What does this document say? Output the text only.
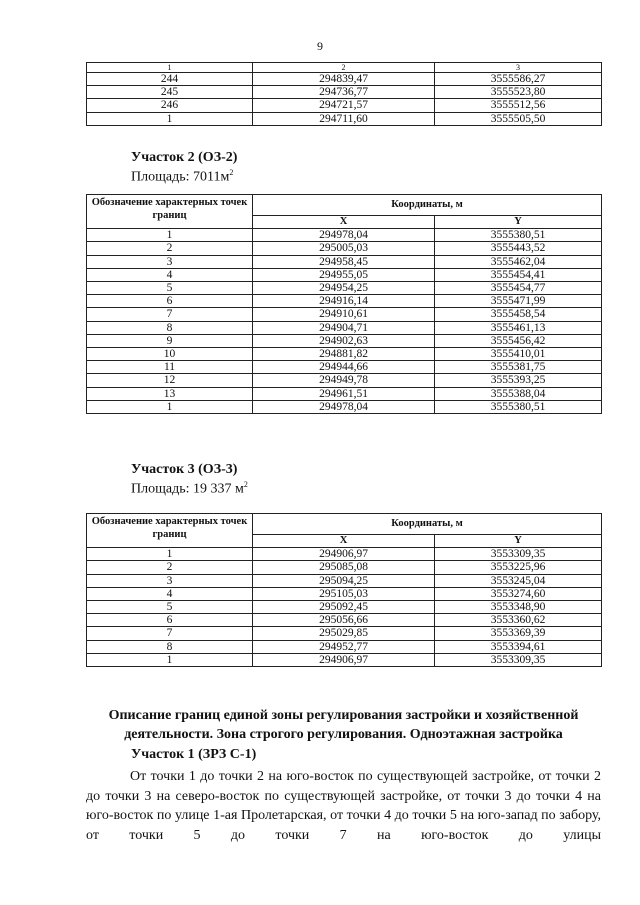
9
1	2	3
244	294839,47	3555586,27
245	294736,77	3555523,80
246	294721,57	3555512,56
1	294711,60	3555505,50
Участок 2 (ОЗ-2)
Площадь: $7011м^2$
Обозначение характерных точек границ	Координаты, м	
	X	Y
1	294978,04	3555380,51
2	295005,03	3555443,52
3	294958,45	3555462,04
4	294955,05	3555454,41
5	294954,25	3555454,77
6	294916,14	3555471,99
7	294910,61	3555458,54
8	294904,71	3555461,13
9	294902,63	3555456,42
10	294881,82	3555410,01
11	294944,66	3555381,75
12	294949,78	3555393,25
13	294961,51	3555388,04
1	294978,04	3555380,51
Участок 3 (ОЗ-3)
Площадь: 19 337 $м^2$
Обозначение характерных точек границ	Координаты, м	
	X	Y
1	294906,97	3553309,35
2	295085,08	3553225,96
3	295094,25	3553245,04
4	295105,03	3553274,60
5	295092,45	3553348,90
6	295056,66	3553360,62
7	295029,85	3553369,39
8	294952,77	3553394,61
1	294906,97	3553309,35
Описание границ единой зоны регулирования застройки и хозяйственной деятельности. Зона строгого регулирования. Одноэтажная застройка
Участок 1 (ЗРЗ С-1)
От точки 1 до точки 2 на юго-восток по существующей застройке, от точки 2 до точки 3 на северо-восток по существующей застройке, от точки 3 до точки 4 на юго-восток по улице 1-ая Пролетарская, от точки 4 до точки 5 на юго-запад по забору, от точки 5 до точки 7 на юго-восток до улицы
